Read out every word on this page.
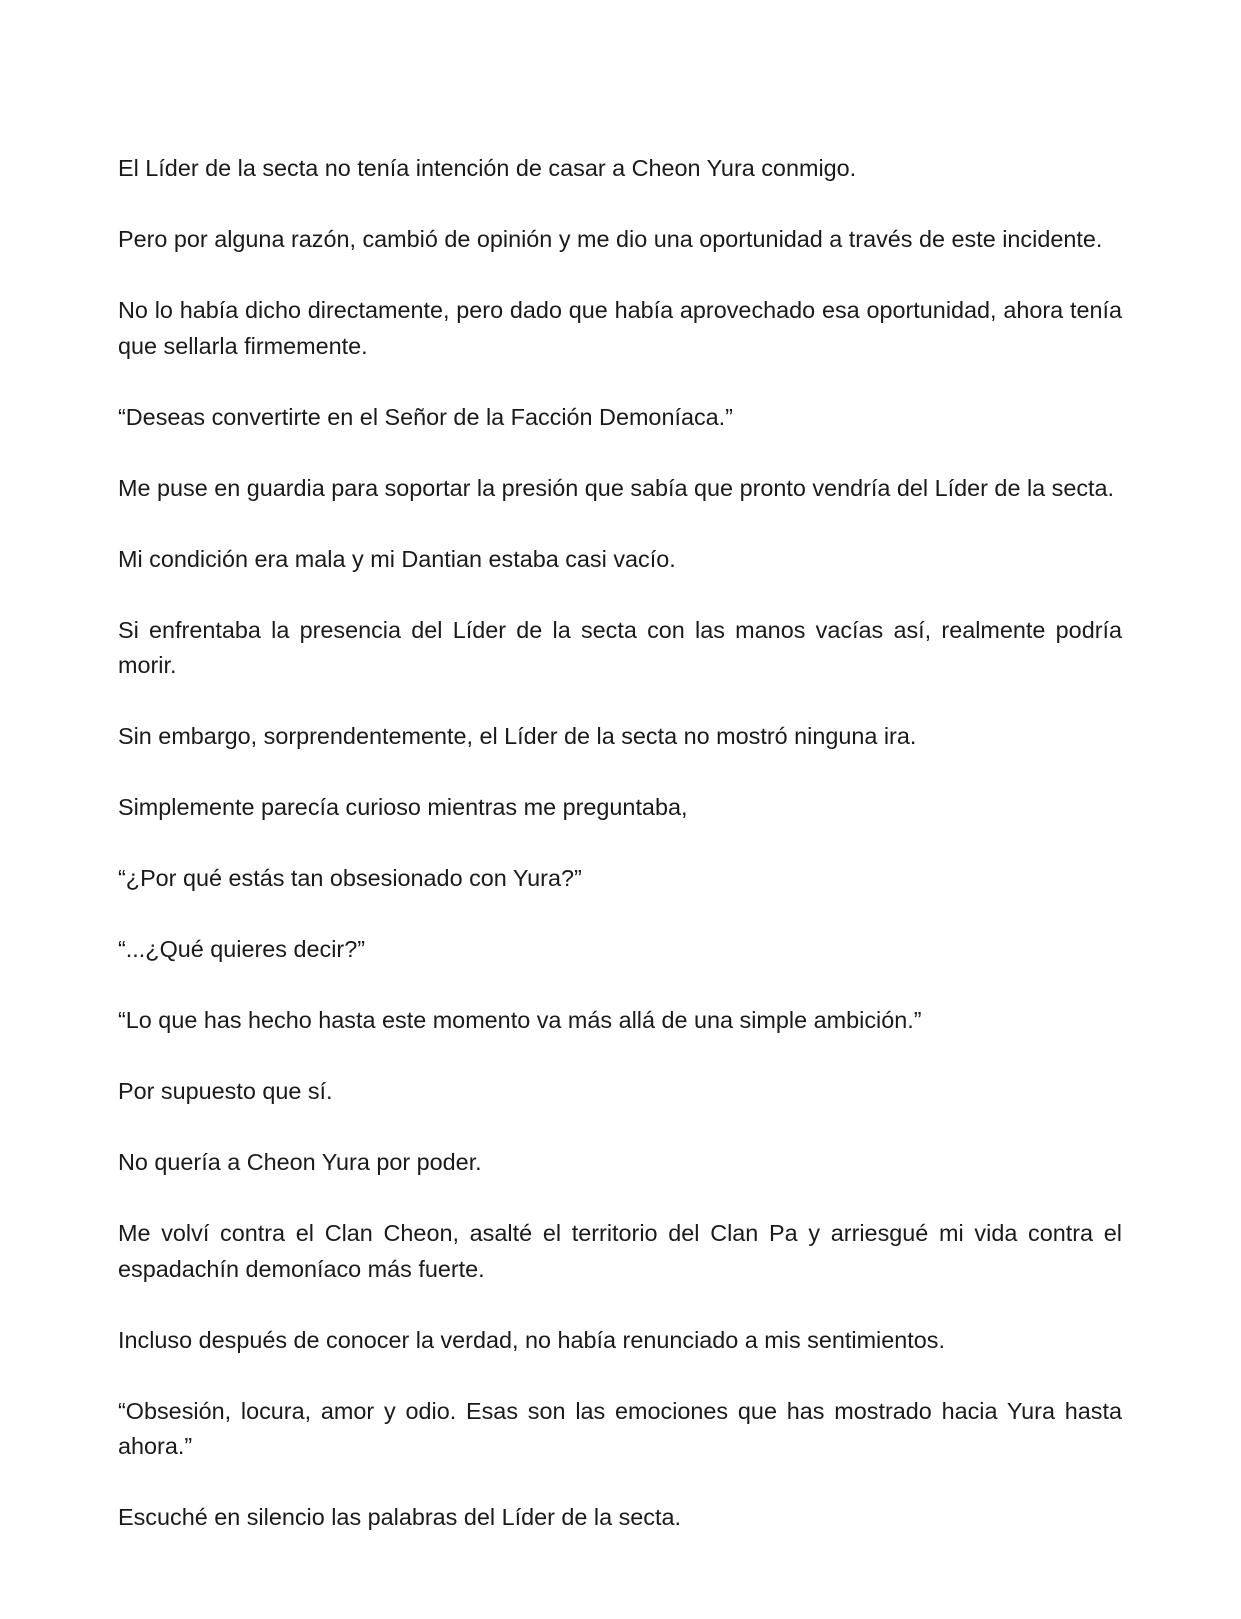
El Líder de la secta no tenía intención de casar a Cheon Yura conmigo.

Pero por alguna razón, cambió de opinión y me dio una oportunidad a través de este incidente.

No lo había dicho directamente, pero dado que había aprovechado esa oportunidad, ahora tenía que sellarla firmemente.

“Deseas convertirte en el Señor de la Facción Demoníaca.”

Me puse en guardia para soportar la presión que sabía que pronto vendría del Líder de la secta.

Mi condición era mala y mi Dantian estaba casi vacío.

Si enfrentaba la presencia del Líder de la secta con las manos vacías así, realmente podría morir.

Sin embargo, sorprendentemente, el Líder de la secta no mostró ninguna ira.

Simplemente parecía curioso mientras me preguntaba,

“¿Por qué estás tan obsesionado con Yura?”

“...¿Qué quieres decir?”

“Lo que has hecho hasta este momento va más allá de una simple ambición.”

Por supuesto que sí.

No quería a Cheon Yura por poder.

Me volví contra el Clan Cheon, asalté el territorio del Clan Pa y arriesgué mi vida contra el espadachín demoníaco más fuerte.

Incluso después de conocer la verdad, no había renunciado a mis sentimientos.

“Obsesión, locura, amor y odio. Esas son las emociones que has mostrado hacia Yura hasta ahora.”

Escuché en silencio las palabras del Líder de la secta.
